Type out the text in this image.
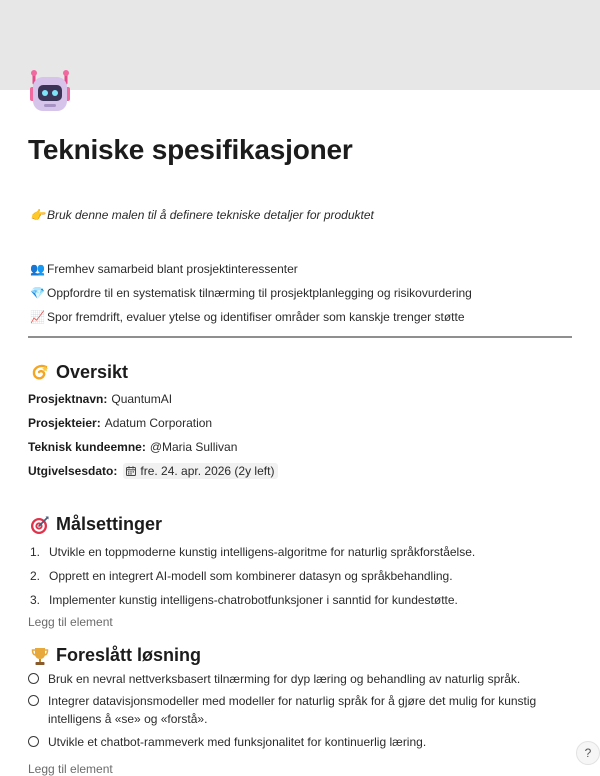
Tekniske spesifikasjoner
👉 Bruk denne malen til å definere tekniske detaljer for produktet
👥 Fremhev samarbeid blant prosjektinteressenter
💎 Oppfordre til en systematisk tilnærming til prosjektplanlegging og risikovurdering
📈 Spor fremdrift, evaluer ytelse og identifiser områder som kanskje trenger støtte
Oversikt
Prosjektnavn: QuantumAI
Prosjekteier: Adatum Corporation
Teknisk kundeemne: @Maria Sullivan
Utgivelsesdato: fre. 24. apr. 2026 (2y left)
Målsettinger
1. Utvikle en toppmoderne kunstig intelligens-algoritme for naturlig språkforståelse.
2. Opprett en integrert AI-modell som kombinerer datasyn og språkbehandling.
3. Implementer kunstig intelligens-chatrobotfunksjoner i sanntid for kundestøtte.
Legg til element
Foreslått løsning
Bruk en nevral nettverksbasert tilnærming for dyp læring og behandling av naturlig språk.
Integrer datavisjonsmodeller med modeller for naturlig språk for å gjøre det mulig for kunstig intelligens å «se» og «forstå».
Utvikle et chatbot-rammeverk med funksjonalitet for kontinuerlig læring.
Legg til element
?
